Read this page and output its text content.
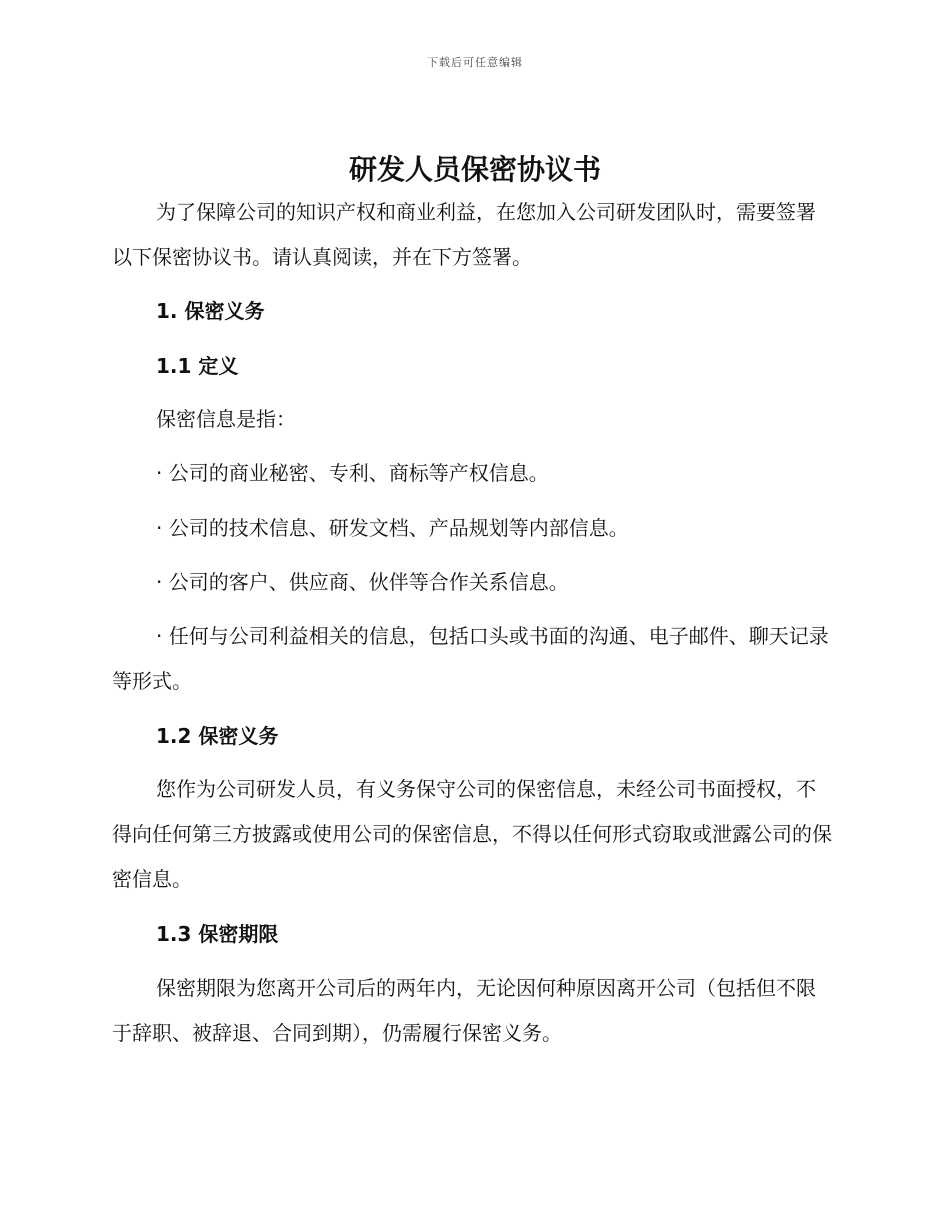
下载后可任意编辑
研发人员保密协议书

为了保障公司的知识产权和商业利益，在您加入公司研发团队时，需要签署以下保密协议书。请认真阅读，并在下方签署。

1. 保密义务
1.1 定义

保密信息是指：

· 公司的商业秘密、专利、商标等产权信息。

· 公司的技术信息、研发文档、产品规划等内部信息。

· 公司的客户、供应商、伙伴等合作关系信息。

· 任何与公司利益相关的信息，包括口头或书面的沟通、电子邮件、聊天记录等形式。

1.2 保密义务

您作为公司研发人员，有义务保守公司的保密信息，未经公司书面授权，不得向任何第三方披露或使用公司的保密信息，不得以任何形式窃取或泄露公司的保密信息。

1.3 保密期限

保密期限为您离开公司后的两年内，无论因何种原因离开公司（包括但不限于辞职、被辞退、合同到期），仍需履行保密义务。
